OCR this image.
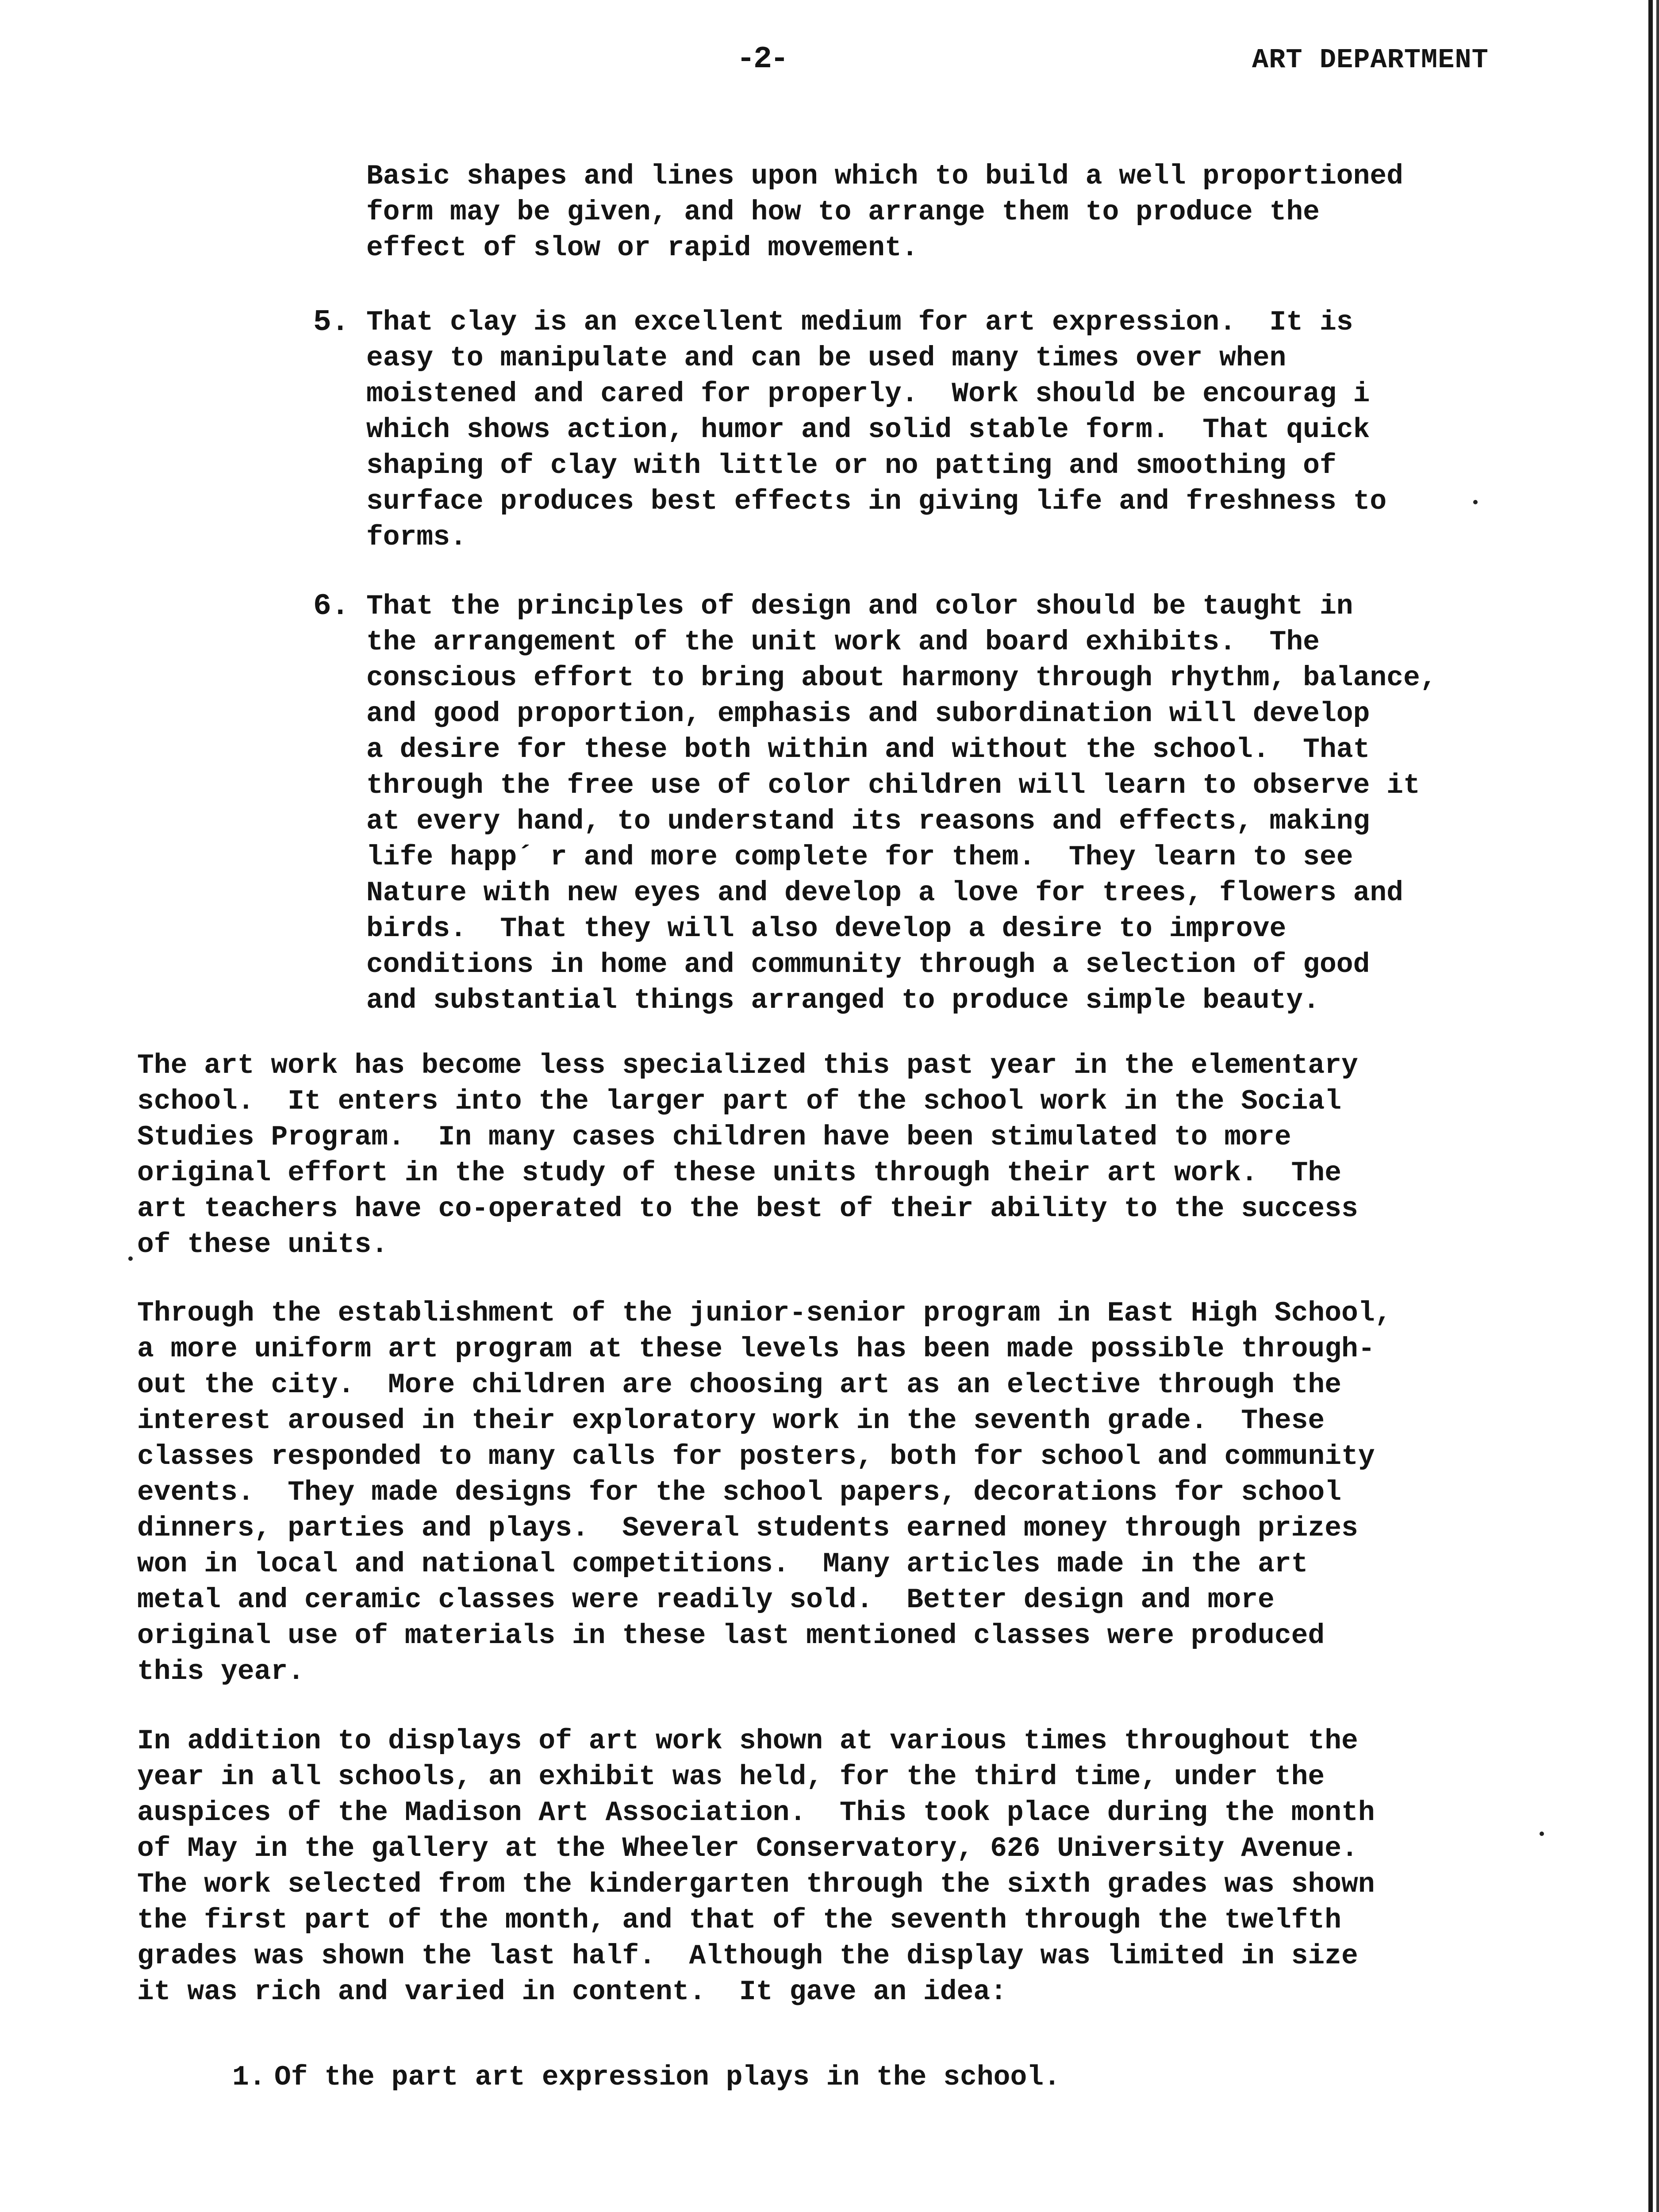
-2-	ART DEPARTMENT
Basic shapes and lines upon which to build a well proportioned
form may be given, and how to arrange them to produce the
effect of slow or rapid movement.
5. That clay is an excellent medium for art expression.  It is
easy to manipulate and can be used many times over when
moistened and cared for properly.  Work should be encourag i
which shows action, humor and solid stable form.  That quick
shaping of clay with little or no patting and smoothing of
surface produces best effects in giving life and freshness to
forms.
6. That the principles of design and color should be taught in
the arrangement of the unit work and board exhibits.  The
conscious effort to bring about harmony through rhythm, balance,
and good proportion, emphasis and subordination will develop
a desire for these both within and without the school.  That
through the free use of color children will learn to observe it
at every hand, to understand its reasons and effects, making
life happ´ r and more complete for them.  They learn to see
Nature with new eyes and develop a love for trees, flowers and
birds.  That they will also develop a desire to improve
conditions in home and community through a selection of good
and substantial things arranged to produce simple beauty.
The art work has become less specialized this past year in the elementary
school.  It enters into the larger part of the school work in the Social
Studies Program.  In many cases children have been stimulated to more
original effort in the study of these units through their art work.  The
art teachers have co-operated to the best of their ability to the success
of these units.
Through the establishment of the junior-senior program in East High School,
a more uniform art program at these levels has been made possible through-
out the city.  More children are choosing art as an elective through the
interest aroused in their exploratory work in the seventh grade.  These
classes responded to many calls for posters, both for school and community
events.  They made designs for the school papers, decorations for school
dinners, parties and plays.  Several students earned money through prizes
won in local and national competitions.  Many articles made in the art
metal and ceramic classes were readily sold.  Better design and more
original use of materials in these last mentioned classes were produced
this year.
In addition to displays of art work shown at various times throughout the
year in all schools, an exhibit was held, for the third time, under the
auspices of the Madison Art Association.  This took place during the month
of May in the gallery at the Wheeler Conservatory, 626 University Avenue.
The work selected from the kindergarten through the sixth grades was shown
the first part of the month, and that of the seventh through the twelfth
grades was shown the last half.  Although the display was limited in size
it was rich and varied in content.  It gave an idea:
1. Of the part art expression plays in the school.
